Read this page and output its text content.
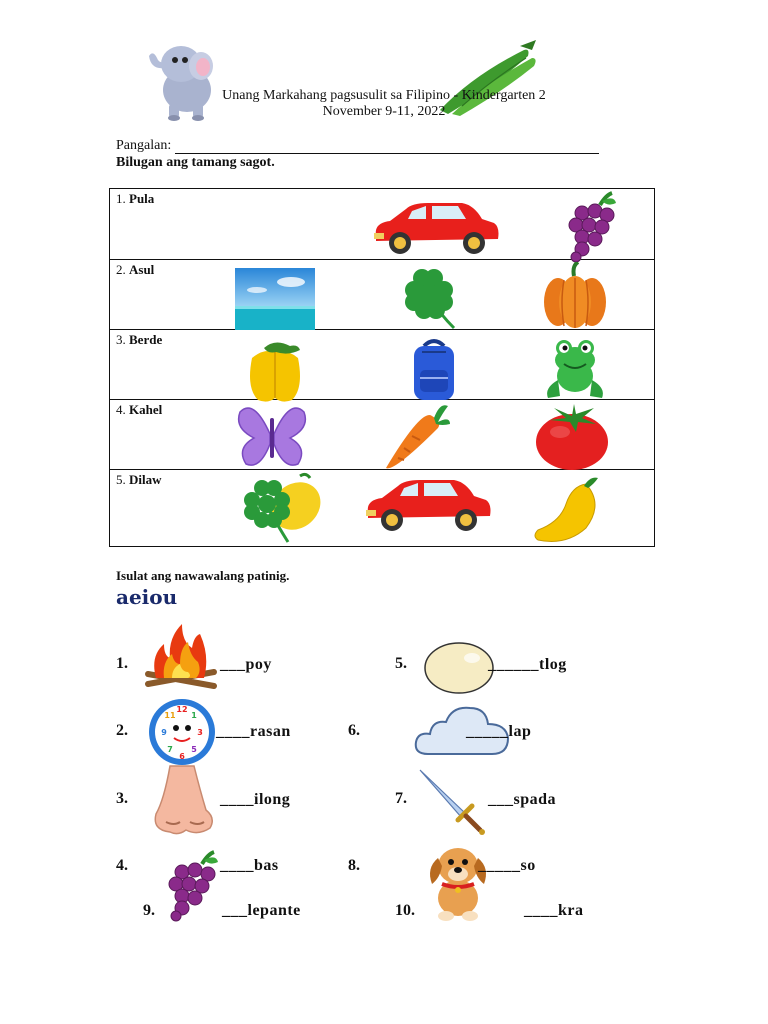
Unang Markahang pagsusulit sa Filipino - Kindergarten 2
November 9-11, 2022
Pangalan:
Bilugan ang tamang sagot.
1. Pula

2. Asul

3. Berde

4. Kahel

5. Dilaw
Isulat ang nawawalang patinig.
aeiou
1.	___poy
2.
12
3
6
9
1
11
5
7
____rasan
3.	____ilong
4.	____bas
9.	___lepante
5.	______tlog
6.	_____lap
7.	___spada
8.	_____so
10.	____kra
